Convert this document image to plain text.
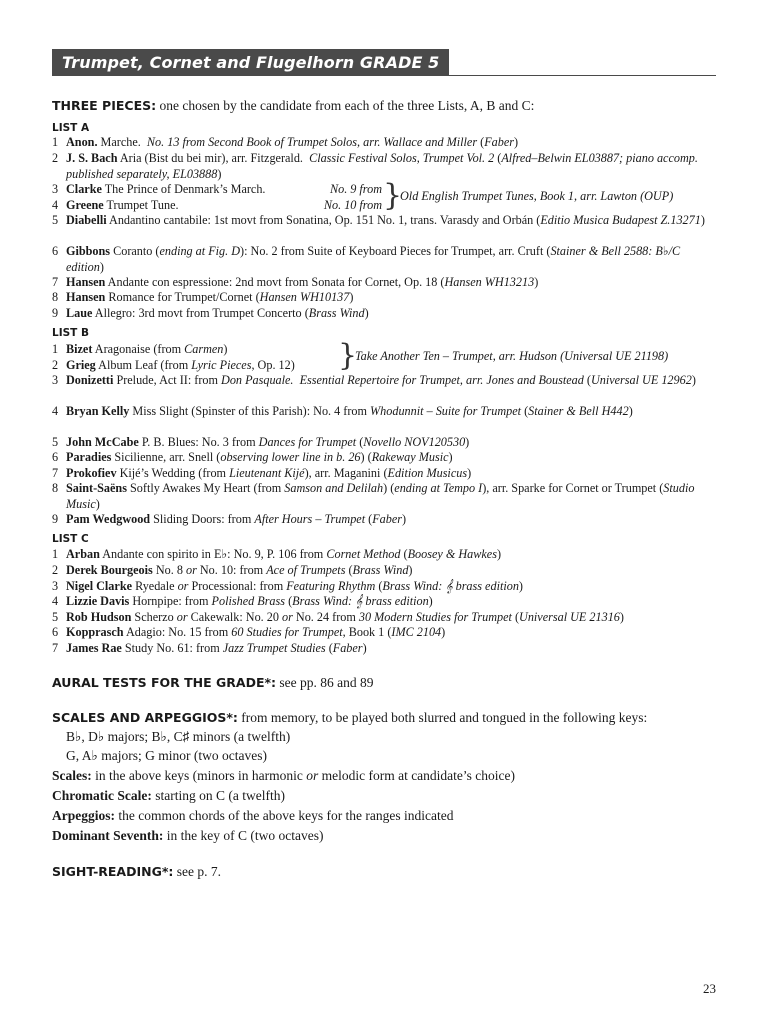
Trumpet, Cornet and Flugelhorn GRADE 5
THREE PIECES: one chosen by the candidate from each of the three Lists, A, B and C:
LIST A
1 Anon. Marche. No. 13 from Second Book of Trumpet Solos, arr. Wallace and Miller (Faber)
2 J. S. Bach Aria (Bist du bei mir), arr. Fitzgerald. Classic Festival Solos, Trumpet Vol. 2 (Alfred–Belwin EL03887; piano accomp. published separately, EL03888)
3 Clarke The Prince of Denmark’s March.	No. 9 from
4 Greene Trumpet Tune.	No. 10 from }
Old English Trumpet Tunes, Book 1, arr. Lawton (OUP)
5 Diabelli Andantino cantabile: 1st movt from Sonatina, Op. 151 No. 1, trans. Varasdy and Orbán (Editio Musica Budapest Z.13271)
6 Gibbons Coranto (ending at Fig. D): No. 2 from Suite of Keyboard Pieces for Trumpet, arr. Cruft (Stainer & Bell 2588: B♭/C edition)
7 Hansen Andante con espressione: 2nd movt from Sonata for Cornet, Op. 18 (Hansen WH13213)
8 Hansen Romance for Trumpet/Cornet (Hansen WH10137)
9 Laue Allegro: 3rd movt from Trumpet Concerto (Brass Wind)
LIST B
1 Bizet Aragonaise (from Carmen)
2 Grieg Album Leaf (from Lyric Pieces, Op. 12)	}
Take Another Ten – Trumpet, arr. Hudson (Universal UE 21198)
3 Donizetti Prelude, Act II: from Don Pasquale. Essential Repertoire for Trumpet, arr. Jones and Boustead (Universal UE 12962)
4 Bryan Kelly Miss Slight (Spinster of this Parish): No. 4 from Whodunnit – Suite for Trumpet (Stainer & Bell H442)
5 John McCabe P. B. Blues: No. 3 from Dances for Trumpet (Novello NOV120530)
6 Paradies Sicilienne, arr. Snell (observing lower line in b. 26) (Rakeway Music)
7 Prokofiev Kijé’s Wedding (from Lieutenant Kijé), arr. Maganini (Edition Musicus)
8 Saint-Saëns Softly Awakes My Heart (from Samson and Delilah) (ending at Tempo I), arr. Sparke for Cornet or Trumpet (Studio Music)
9 Pam Wedgwood Sliding Doors: from After Hours – Trumpet (Faber)
LIST C
1 Arban Andante con spirito in E♭: No. 9, P. 106 from Cornet Method (Boosey & Hawkes)
2 Derek Bourgeois No. 8 or No. 10: from Ace of Trumpets (Brass Wind)
3 Nigel Clarke Ryedale or Processional: from Featuring Rhythm (Brass Wind: 𝄞 brass edition)
4 Lizzie Davis Hornpipe: from Polished Brass (Brass Wind: 𝄞 brass edition)
5 Rob Hudson Scherzo or Cakewalk: No. 20 or No. 24 from 30 Modern Studies for Trumpet (Universal UE 21316)
6 Kopprasch Adagio: No. 15 from 60 Studies for Trumpet, Book 1 (IMC 2104)
7 James Rae Study No. 61: from Jazz Trumpet Studies (Faber)
AURAL TESTS FOR THE GRADE*: see pp. 86 and 89
SCALES AND ARPEGGIOS*: from memory, to be played both slurred and tongued in the following keys:
B♭, D♭ majors; B♭, C♯ minors (a twelfth)
G, A♭ majors; G minor (two octaves)
Scales: in the above keys (minors in harmonic or melodic form at candidate’s choice)
Chromatic Scale: starting on C (a twelfth)
Arpeggios: the common chords of the above keys for the ranges indicated
Dominant Seventh: in the key of C (two octaves)
SIGHT-READING*: see p. 7.
23
